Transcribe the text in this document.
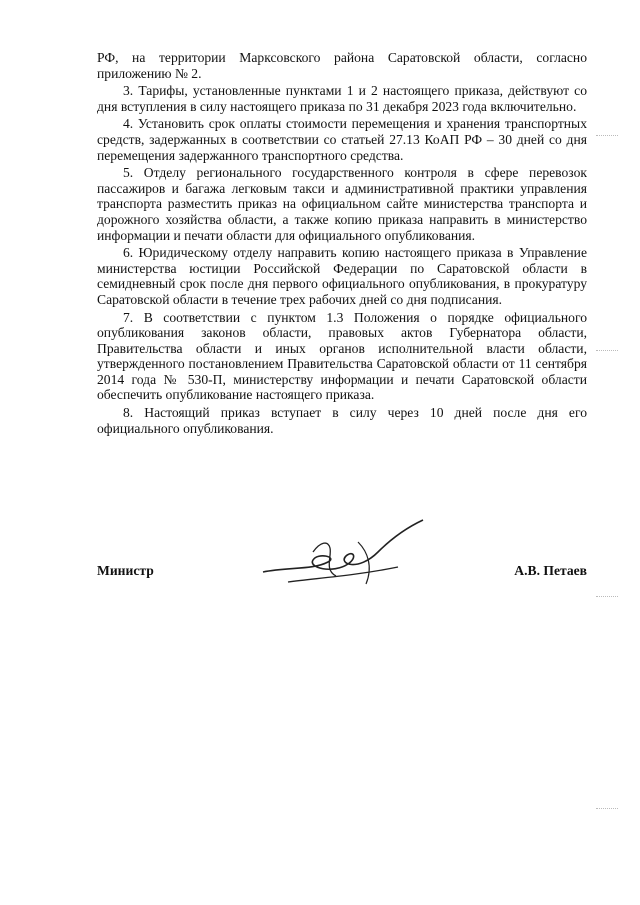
РФ, на территории Марксовского района Саратовской области, согласно приложению № 2.

3. Тарифы, установленные пунктами 1 и 2 настоящего приказа, действуют со дня вступления в силу настоящего приказа по 31 декабря 2023 года включительно.

4. Установить срок оплаты стоимости перемещения и хранения транспортных средств, задержанных в соответствии со статьей 27.13 КоАП РФ – 30 дней со дня перемещения задержанного транспортного средства.

5. Отделу регионального государственного контроля в сфере перевозок пассажиров и багажа легковым такси и административной практики управления транспорта разместить приказ на официальном сайте министерства транспорта и дорожного хозяйства области, а также копию приказа направить в министерство информации и печати области для официального опубликования.

6. Юридическому отделу направить копию настоящего приказа в Управление министерства юстиции Российской Федерации по Саратовской области в семидневный срок после дня первого официального опубликования, в прокуратуру Саратовской области в течение трех рабочих дней со дня подписания.

7. В соответствии с пунктом 1.3 Положения о порядке официального опубликования законов области, правовых актов Губернатора области, Правительства области и иных органов исполнительной власти области, утвержденного постановлением Правительства Саратовской области от 11 сентября 2014 года № 530-П, министерству информации и печати Саратовской области обеспечить опубликование настоящего приказа.

8. Настоящий приказ вступает в силу через 10 дней после дня его официального опубликования.

Министр	А.В. Петаев
